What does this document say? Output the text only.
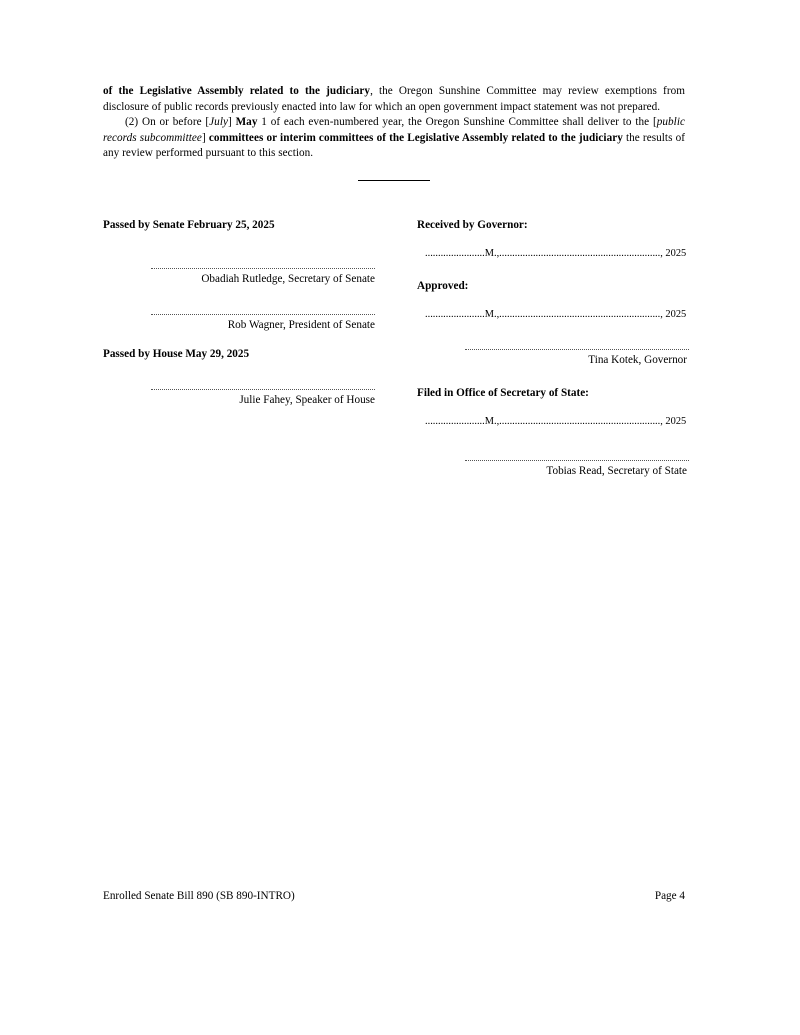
of the Legislative Assembly related to the judiciary, the Oregon Sunshine Committee may review exemptions from disclosure of public records previously enacted into law for which an open government impact statement was not prepared.

(2) On or before [July] May 1 of each even-numbered year, the Oregon Sunshine Committee shall deliver to the [public records subcommittee] committees or interim committees of the Legislative Assembly related to the judiciary the results of any review performed pursuant to this section.

Passed by Senate February 25, 2025
Obadiah Rutledge, Secretary of Senate
Rob Wagner, President of Senate
Passed by House May 29, 2025
Julie Fahey, Speaker of House
Received by Governor:
.......................M.,.............................................................., 2025
Approved:
.......................M.,.............................................................., 2025
Tina Kotek, Governor
Filed in Office of Secretary of State:
.......................M.,.............................................................., 2025
Tobias Read, Secretary of State
Enrolled Senate Bill 890 (SB 890-INTRO)	Page 4
